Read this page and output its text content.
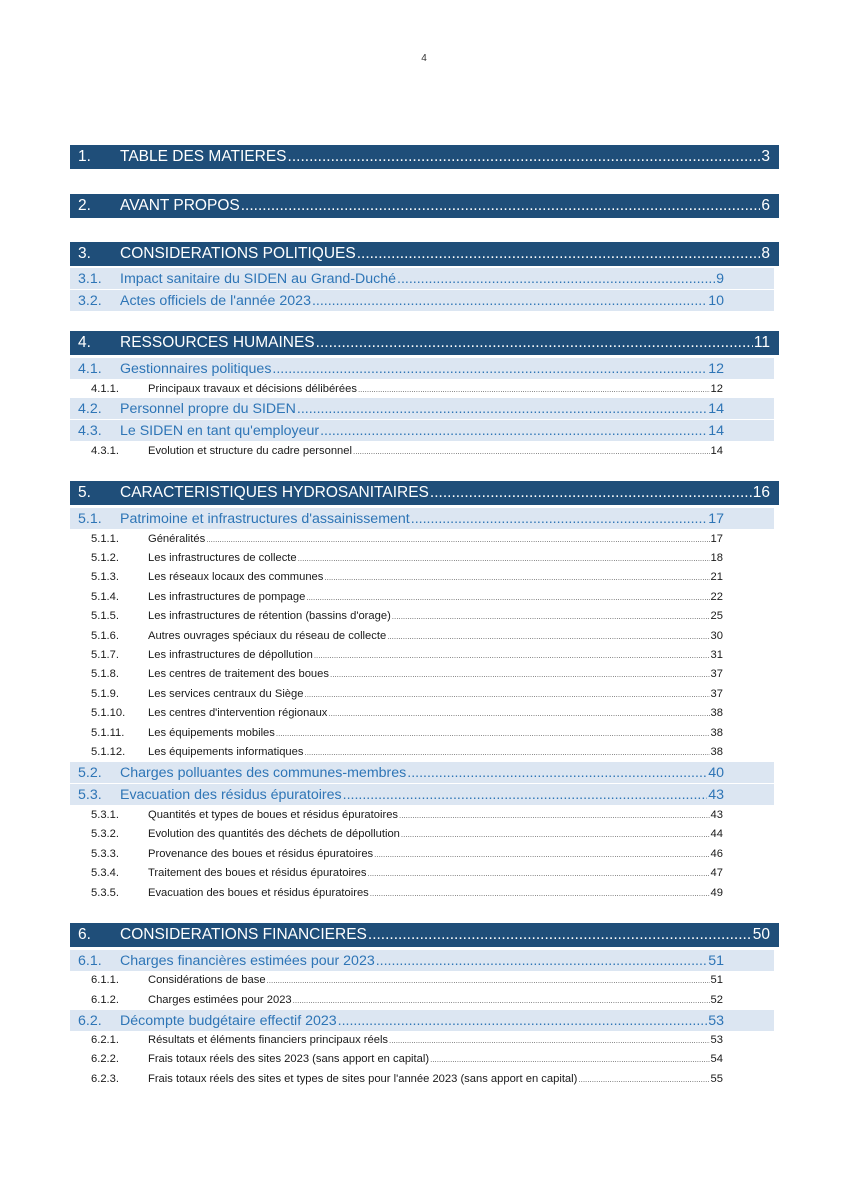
4
1.	TABLE DES MATIERES .....	3
2.	AVANT PROPOS .....	6
3.	CONSIDERATIONS POLITIQUES .....	8
3.1.	Impact sanitaire du SIDEN au Grand-Duché .....	9
3.2.	Actes officiels de l'année 2023 .....	10
4.	RESSOURCES HUMAINES .....	11
4.1.	Gestionnaires politiques .....	12
4.1.1.	Principaux travaux et décisions délibérées .....	12
4.2.	Personnel propre du SIDEN .....	14
4.3.	Le SIDEN en tant qu'employeur .....	14
4.3.1.	Evolution et structure du cadre personnel .....	14
5.	CARACTERISTIQUES HYDROSANITAIRES .....	16
5.1.	Patrimoine et infrastructures d'assainissement .....	17
5.1.1.	Généralités .....	17
5.1.2.	Les infrastructures de collecte .....	18
5.1.3.	Les réseaux locaux des communes .....	21
5.1.4.	Les infrastructures de pompage .....	22
5.1.5.	Les infrastructures de rétention (bassins d'orage) .....	25
5.1.6.	Autres ouvrages spéciaux du réseau de collecte .....	30
5.1.7.	Les infrastructures de dépollution .....	31
5.1.8.	Les centres de traitement des boues .....	37
5.1.9.	Les services centraux du Siège .....	37
5.1.10.	Les centres d'intervention régionaux .....	38
5.1.11.	Les équipements mobiles .....	38
5.1.12.	Les équipements informatiques .....	38
5.2.	Charges polluantes des communes-membres .....	40
5.3.	Evacuation des résidus épuratoires .....	43
5.3.1.	Quantités et types de boues et résidus épuratoires .....	43
5.3.2.	Evolution des quantités des déchets de dépollution .....	44
5.3.3.	Provenance des boues et résidus épuratoires .....	46
5.3.4.	Traitement des boues et résidus épuratoires .....	47
5.3.5.	Evacuation des boues et résidus épuratoires .....	49
6.	CONSIDERATIONS FINANCIERES .....	50
6.1.	Charges financières estimées pour 2023 .....	51
6.1.1.	Considérations de base .....	51
6.1.2.	Charges estimées pour 2023 .....	52
6.2.	Décompte budgétaire effectif 2023 .....	53
6.2.1.	Résultats et éléments financiers principaux réels .....	53
6.2.2.	Frais totaux réels des sites 2023 (sans apport en capital) .....	54
6.2.3.	Frais totaux réels des sites et types de sites pour l'année 2023 (sans apport en capital) .....	55
